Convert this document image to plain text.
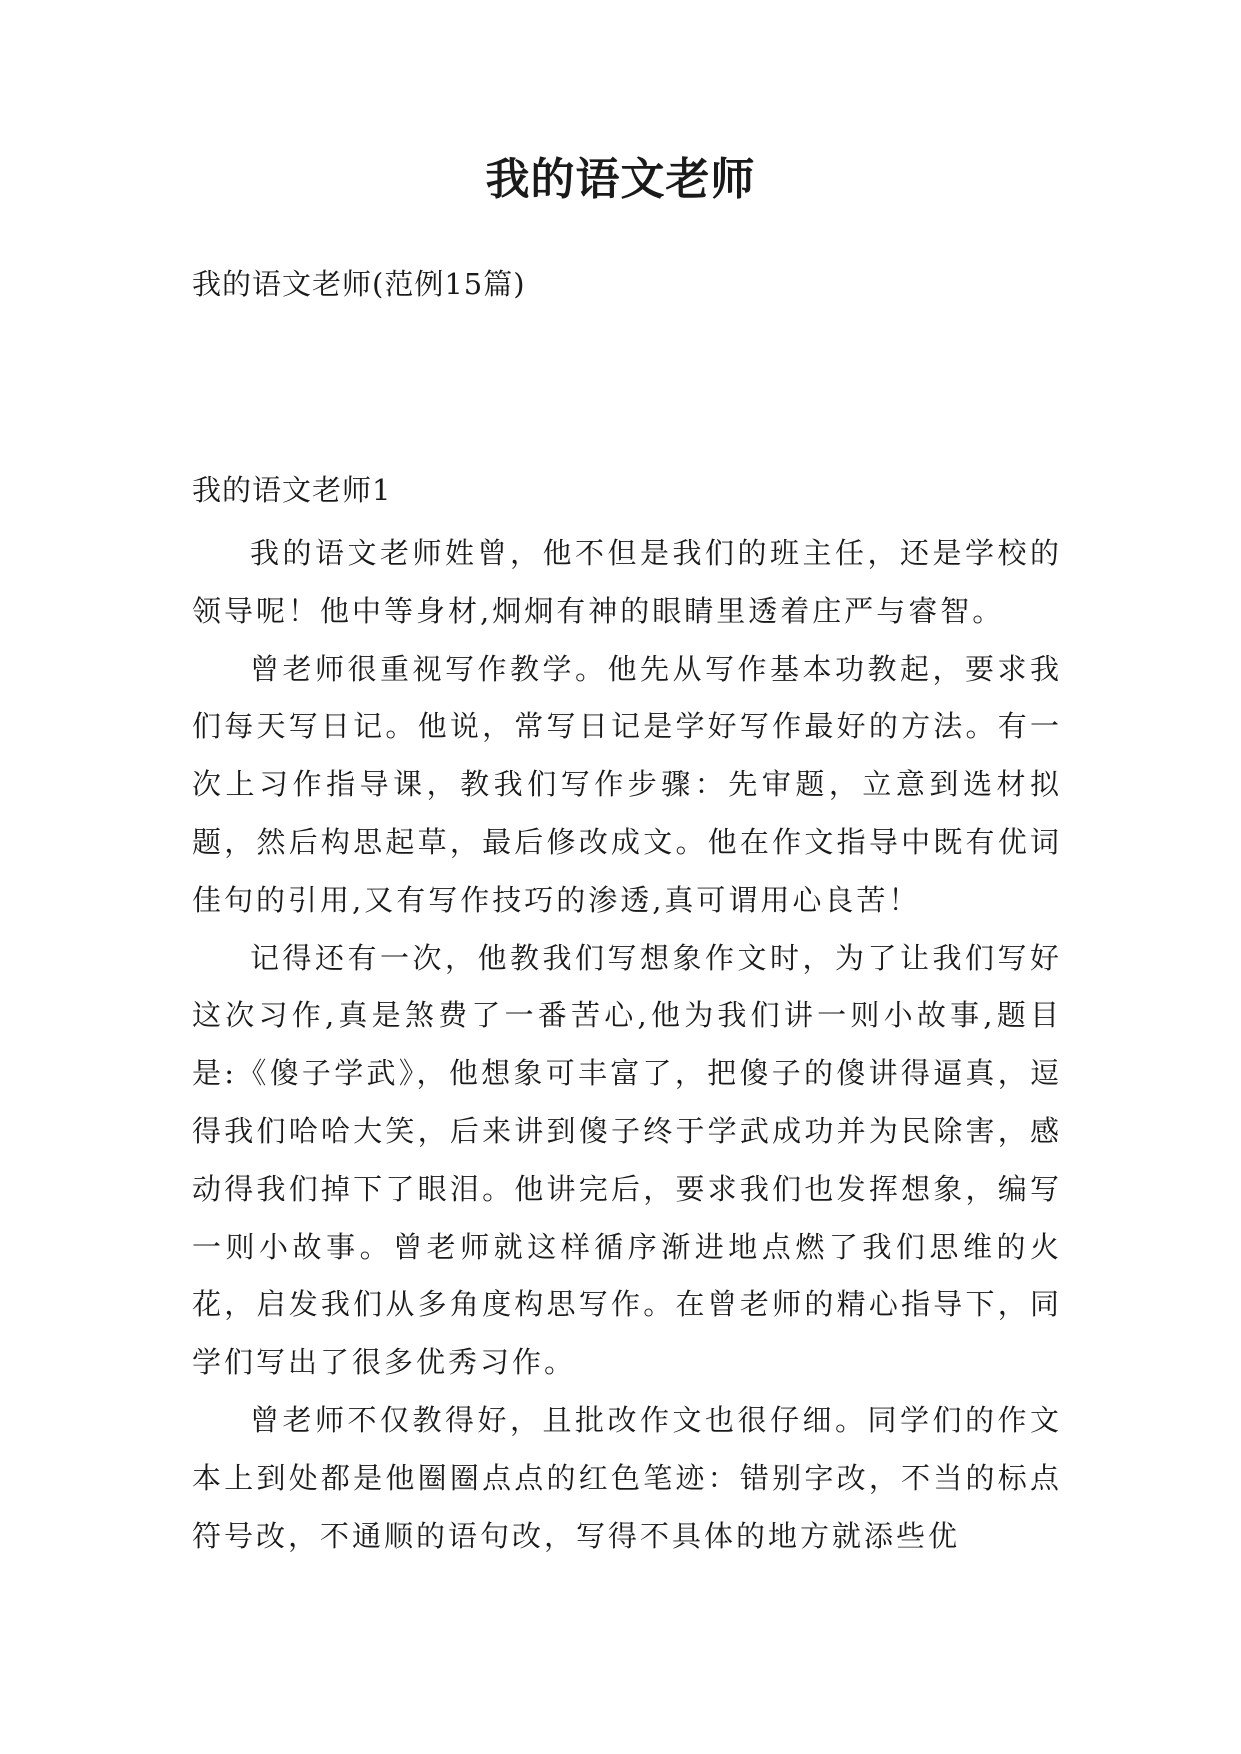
我的语文老师
我的语文老师(范例15篇)
我的语文老师1

我的语文老师姓曾，他不但是我们的班主任，还是学校的领导呢！他中等身材,炯炯有神的眼睛里透着庄严与睿智。

曾老师很重视写作教学。他先从写作基本功教起，要求我们每天写日记。他说，常写日记是学好写作最好的方法。有一次上习作指导课，教我们写作步骤：先审题，立意到选材拟题，然后构思起草，最后修改成文。他在作文指导中既有优词佳句的引用,又有写作技巧的渗透,真可谓用心良苦！

记得还有一次，他教我们写想象作文时，为了让我们写好这次习作,真是煞费了一番苦心,他为我们讲一则小故事,题目是:《傻子学武》，他想象可丰富了，把傻子的傻讲得逼真，逗得我们哈哈大笑，后来讲到傻子终于学武成功并为民除害，感动得我们掉下了眼泪。他讲完后，要求我们也发挥想象，编写一则小故事。曾老师就这样循序渐进地点燃了我们思维的火花，启发我们从多角度构思写作。在曾老师的精心指导下，同学们写出了很多优秀习作。

曾老师不仅教得好，且批改作文也很仔细。同学们的作文本上到处都是他圈圈点点的红色笔迹：错别字改，不当的标点符号改，不通顺的语句改，写得不具体的地方就添些优
